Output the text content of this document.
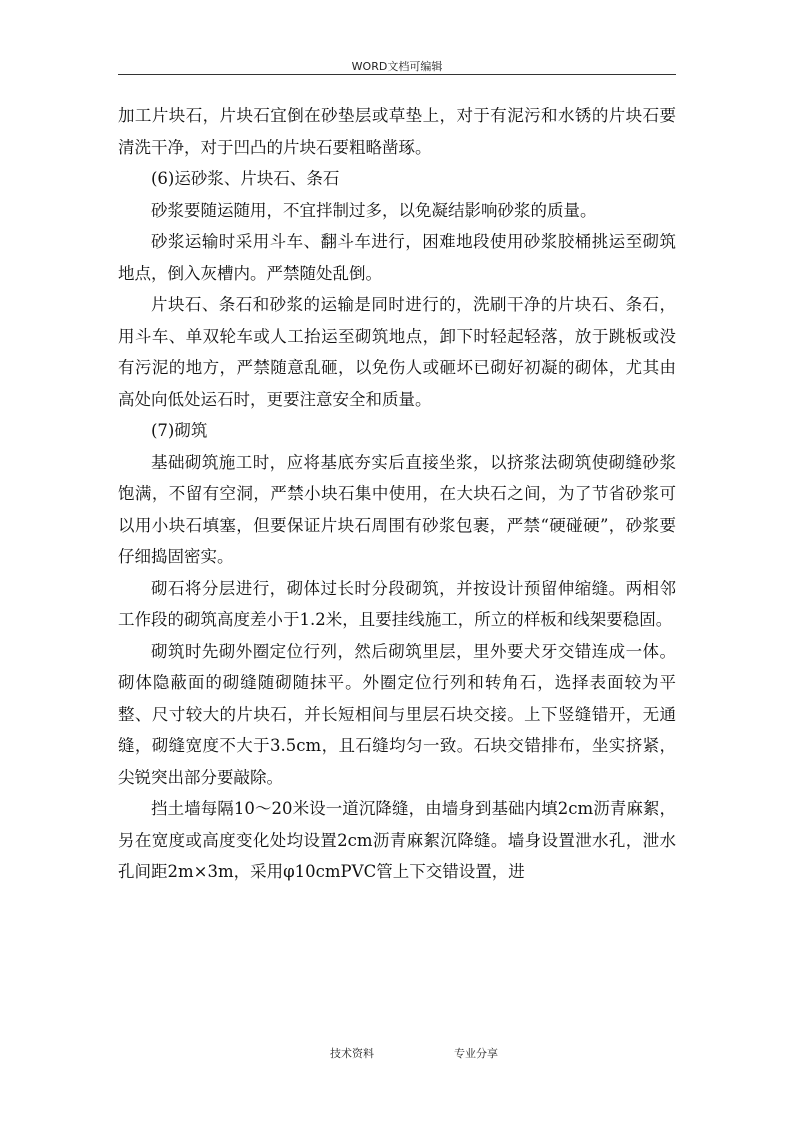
WORD文档可编辑

加工片块石，片块石宜倒在砂垫层或草垫上，对于有泥污和水锈的片块石要清洗干净，对于凹凸的片块石要粗略凿琢。

(6)运砂浆、片块石、条石

砂浆要随运随用，不宜拌制过多，以免凝结影响砂浆的质量。

砂浆运输时采用斗车、翻斗车进行，困难地段使用砂浆胶桶挑运至砌筑地点，倒入灰槽内。严禁随处乱倒。

片块石、条石和砂浆的运输是同时进行的，洗刷干净的片块石、条石，用斗车、单双轮车或人工抬运至砌筑地点，卸下时轻起轻落，放于跳板或没有污泥的地方，严禁随意乱砸，以免伤人或砸坏已砌好初凝的砌体，尤其由高处向低处运石时，更要注意安全和质量。

(7)砌筑

基础砌筑施工时，应将基底夯实后直接坐浆，以挤浆法砌筑使砌缝砂浆饱满，不留有空洞，严禁小块石集中使用，在大块石之间，为了节省砂浆可以用小块石填塞，但要保证片块石周围有砂浆包裹，严禁“硬碰硬”，砂浆要仔细捣固密实。

砌石将分层进行，砌体过长时分段砌筑，并按设计预留伸缩缝。两相邻工作段的砌筑高度差小于1.2米，且要挂线施工，所立的样板和线架要稳固。

砌筑时先砌外圈定位行列，然后砌筑里层，里外要犬牙交错连成一体。砌体隐蔽面的砌缝随砌随抹平。外圈定位行列和转角石，选择表面较为平整、尺寸较大的片块石，并长短相间与里层石块交接。上下竖缝错开，无通缝，砌缝宽度不大于3.5cm，且石缝均匀一致。石块交错排布，坐实挤紧，尖锐突出部分要敲除。

挡土墙每隔10～20米设一道沉降缝，由墙身到基础内填2cm沥青麻絮，另在宽度或高度变化处均设置2cm沥青麻絮沉降缝。墙身设置泄水孔，泄水孔间距2m×3m，采用φ10cmPVC管上下交错设置，进

技术资料	专业分享
